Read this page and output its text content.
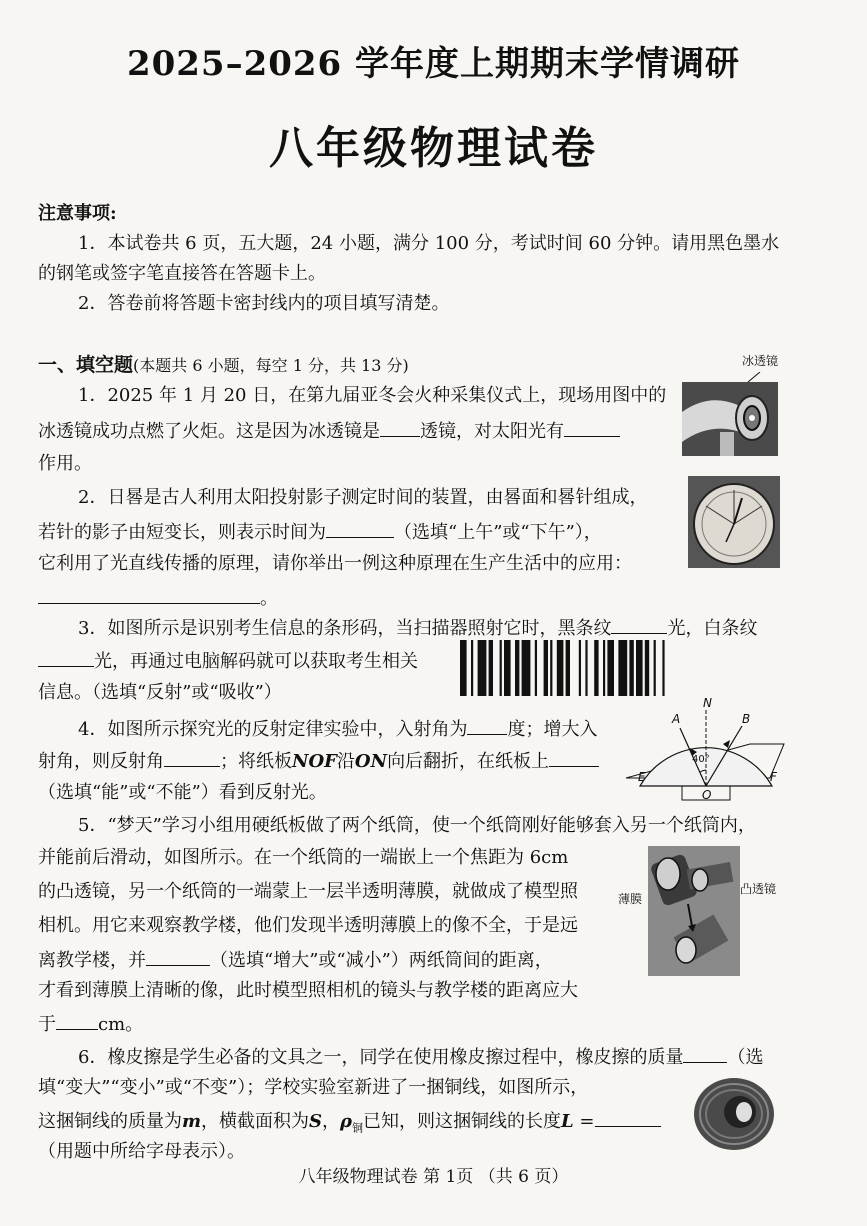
2025–2026 学年度上期期末学情调研
八年级物理试卷
注意事项:
1．本试卷共 6 页，五大题，24 小题，满分 100 分，考试时间 60 分钟。请用黑色墨水
的钢笔或签字笔直接答在答题卡上。
2．答卷前将答题卡密封线内的项目填写清楚。
一、填空题(本题共 6 小题，每空 1 分，共 13 分)
1．2025 年 1 月 20 日，在第九届亚冬会火种采集仪式上，现场用图中的
冰透镜成功点燃了火炬。这是因为冰透镜是 透镜，对太阳光有
作用。
冰透镜
2．日晷是古人利用太阳投射影子测定时间的装置，由晷面和晷针组成，
若针的影子由短变长，则表示时间为	（选填“上午”或“下午”），
它利用了光直线传播的原理，请你举出一例这种原理在生产生活中的应用：
。
3．如图所示是识别考生信息的条形码，当扫描器照射它时，黑条纹	光，白条纹
光，再通过电脑解码就可以获取考生相关
信息。（选填“反射”或“吸收”）
4．如图所示探究光的反射定律实验中，入射角为 度；增大入
射角，则反射角	；将纸板NOF沿ON向后翻折，在纸板上
（选填“能”或“不能”）看到反射光。
A	B
N
E	F
O
40°
5．“梦天”学习小组用硬纸板做了两个纸筒，使一个纸筒刚好能够套入另一个纸筒内，
并能前后滑动，如图所示。在一个纸筒的一端嵌上一个焦距为 6cm
的凸透镜，另一个纸筒的一端蒙上一层半透明薄膜，就做成了模型照
相机。用它来观察教学楼，他们发现半透明薄膜上的像不全，于是远
离教学楼，并	（选填“增大”或“减小”）两纸筒间的距离，
才看到薄膜上清晰的像，此时模型照相机的镜头与教学楼的距离应大
于 cm。
薄膜
凸透镜
6．橡皮擦是学生必备的文具之一，同学在使用橡皮擦过程中，橡皮擦的质量 （选
填“变大”“变小”或“不变”）；学校实验室新进了一捆铜线，如图所示，
这捆铜线的质量为m，横截面积为S，$\rho_铜$已知，则这捆铜线的长度L =
（用题中所给字母表示）。
八年级物理试卷 第 1页 （共 6 页）
